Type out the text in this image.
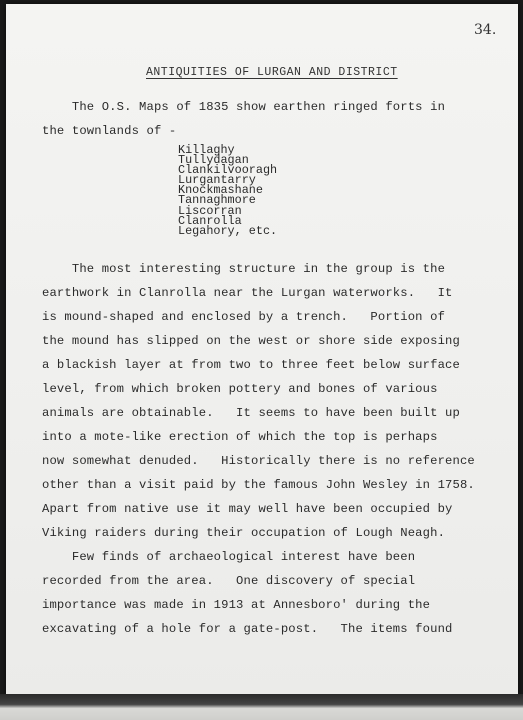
34.
ANTIQUITIES OF LURGAN AND DISTRICT
The O.S. Maps of 1835 show earthen ringed forts in
the townlands of -
Killaghy
Tullydagan
Clankilvooragh
Lurgantarry
Knockmashane
Tannaghmore
Liscorran
Clanrolla
Legahory, etc.
The most interesting structure in the group is the
earthwork in Clanrolla near the Lurgan waterworks.   It
is mound-shaped and enclosed by a trench.   Portion of
the mound has slipped on the west or shore side exposing
a blackish layer at from two to three feet below surface
level, from which broken pottery and bones of various
animals are obtainable.   It seems to have been built up
into a mote-like erection of which the top is perhaps
now somewhat denuded.   Historically there is no reference
other than a visit paid by the famous John Wesley in 1758.
Apart from native use it may well have been occupied by
Viking raiders during their occupation of Lough Neagh.
Few finds of archaeological interest have been
recorded from the area.   One discovery of special
importance was made in 1913 at Annesboro' during the
excavating of a hole for a gate-post.   The items found
